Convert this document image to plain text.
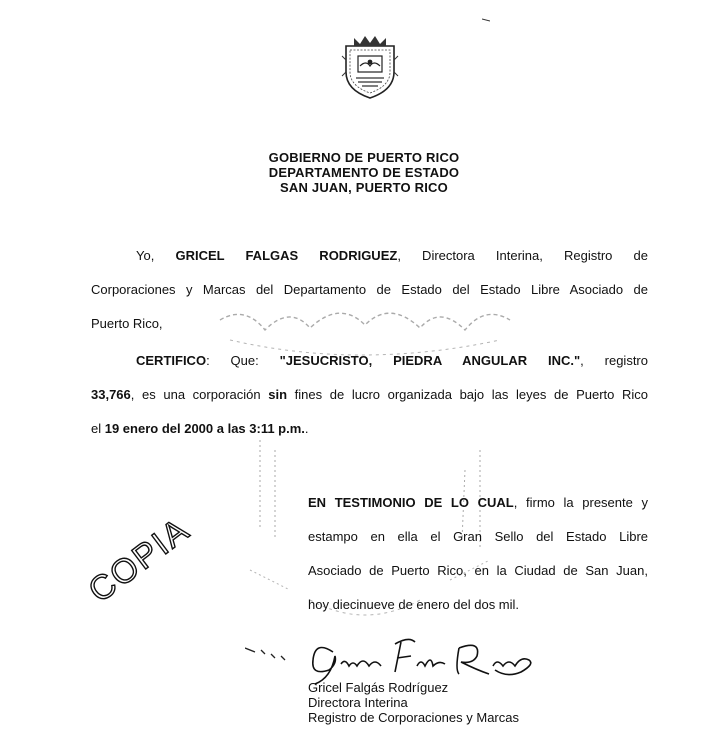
GOBIERNO DE PUERTO RICO
DEPARTAMENTO DE ESTADO
SAN JUAN, PUERTO RICO
Yo, GRICEL FALGAS RODRIGUEZ, Directora Interina, Registro de
Corporaciones y Marcas del Departamento de Estado del Estado Libre Asociado de
Puerto Rico,
CERTIFICO: Que: "JESUCRISTO, PIEDRA ANGULAR INC.", registro
33,766, es una corporación sin fines de lucro organizada bajo las leyes de Puerto Rico
el 19 enero del 2000 a las 3:11 p.m..
EN TESTIMONIO DE LO CUAL, firmo la presente y
estampo en ella el Gran Sello del Estado Libre
Asociado de Puerto Rico, en la Ciudad de San Juan,
hoy diecinueve de enero del dos mil.
Gricel Falgás Rodríguez
Directora Interina
Registro de Corporaciones y Marcas
COPIA
